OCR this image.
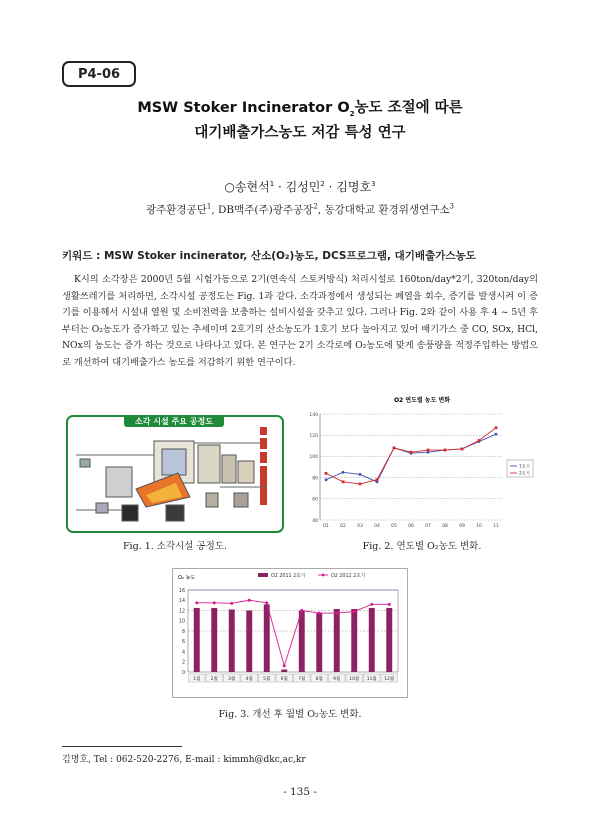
P4-06
MSW Stoker Incinerator $O_2$농도 조절에 따른
대기배출가스농도 저감 특성 연구
○송현석$^1$ · 김성민$^2$ · 김명호$^3$
광주환경공단$^1$, DB맥주(주)광주공장$^2$, 동강대학교 환경위생연구소$^3$
키워드 : MSW Stoker incinerator, 산소(O₂)농도, DCS프로그램, 대기배출가스농도
K시의 소각장은 2000년 5월 시험가동으로 2기(연속식 스토커방식) 처리시설로 160ton/day*2기, 320ton/day의 생활쓰레기를 처리하면, 소각시설 공정도는 Fig. 1과 같다. 소각과정에서 생성되는 폐열을 회수, 증기를 발생시켜 이 증기를 이용해서 시설내 열원 및 소비전력을 보충하는 설비시설을 갖추고 있다. 그러나 Fig. 2와 같이 사용 후 4 ~ 5년 후 부터는 O₂농도가 증가하고 있는 추세이며 2호기의 산소농도가 1호기 보다 높아지고 있어 배기가스 중 CO, SOx, HCl, NOx의 농도는 증가 하는 것으로 나타나고 있다. 본 연구는 2기 소각로에 O₂농도에 맞게 송풍량을 적정주입하는 방법으로 개선하여 대기배출가스 농도를 저감하기 위한 연구이다.
소각 시설 주요 공정도
Fig. 1. 소각시설 공정도.
O2 연도별 농도 변화
40
60
80
100
120
140
01	02	03	04	05	06	07	08	09	10	11
1호기
2호기
Fig. 2. 연도별 O₂농도 변화.
O₂ 농도
0
2
4
6
8
10
12
14
16
1월 2월 3월 4월 5월 6월 7월 8월 9월 10월 11월 12월
O2 2011 2호기	O2 2012 2호기
Fig. 3. 개선 후 월별 O₂농도 변화.
김명호, Tel : 062-520-2276, E-mail : kimmh@dkc,ac,kr
- 135 -
